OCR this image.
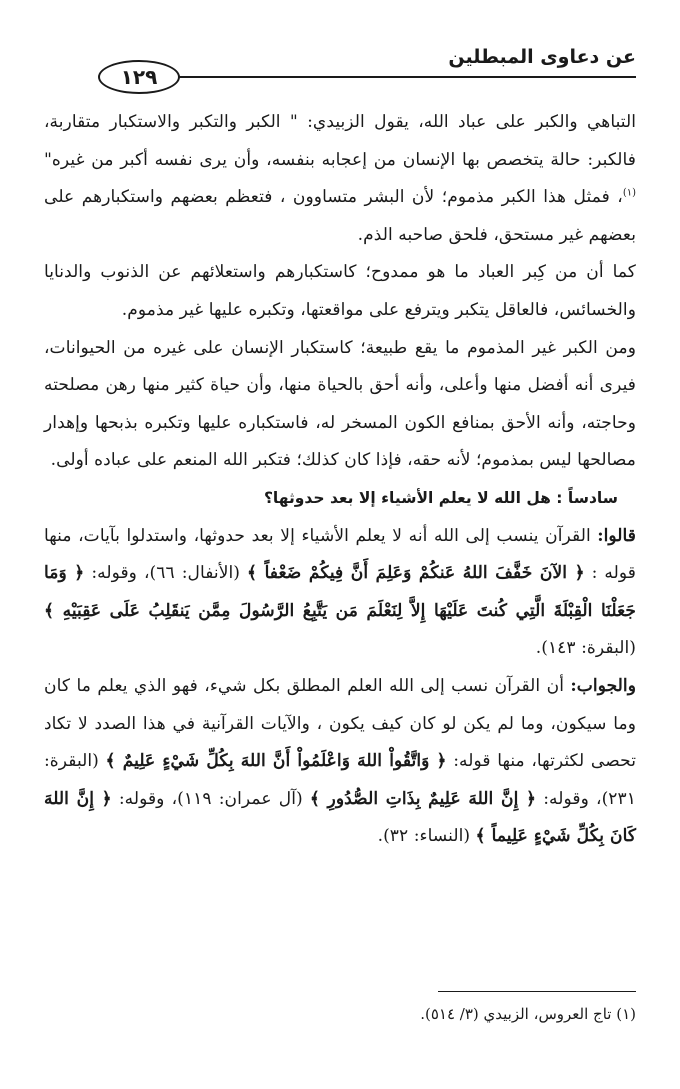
عن دعاوى المبطلين
١٢٩

التباهي والكبر على عباد الله، يقول الزبيدي: " الكبر والتكبر والاستكبار متقاربة، فالكبر: حالة يتخصص بها الإنسان من إعجابه بنفسه، وأن يرى نفسه أكبر من غيره"$^{(١)}$، فمثل هذا الكبر مذموم؛ لأن البشر متساوون ، فتعظم بعضهم واستكبارهم على بعضهم غير مستحق، فلحق صاحبه الذم.

كما أن من كِبر العباد ما هو ممدوح؛ كاستكبارهم واستعلائهم عن الذنوب والدنايا والخسائس، فالعاقل يتكبر ويترفع على مواقعتها، وتكبره عليها غير مذموم.

ومن الكبر غير المذموم ما يقع طبيعة؛ كاستكبار الإنسان على غيره من الحيوانات، فيرى أنه أفضل منها وأعلى، وأنه أحق بالحياة منها، وأن حياة كثير منها رهن مصلحته وحاجته، وأنه الأحق بمنافع الكون المسخر له، فاستكباره عليها وتكبره بذبحها وإهدار مصالحها ليس بمذموم؛ لأنه حقه، فإذا كان كذلك؛ فتكبر الله المنعم على عباده أولى.

سادساً : هل الله لا يعلم الأشياء إلا بعد حدوثها؟

قالوا: القرآن ينسب إلى الله أنه لا يعلم الأشياء إلا بعد حدوثها، واستدلوا بآيات، منها قوله : ﴿ الآنَ خَفَّفَ اللهُ عَنكُمْ وَعَلِمَ أَنَّ فِيكُمْ ضَعْفاً ﴾ (الأنفال: ٦٦)، وقوله: ﴿ وَمَا جَعَلْنَا الْقِبْلَةَ الَّتِي كُنتَ عَلَيْهَا إِلاَّ لِنَعْلَمَ مَن يَتَّبِعُ الرَّسُولَ مِمَّن يَنقَلِبُ عَلَى عَقِبَيْهِ ﴾ (البقرة: ١٤٣).

والجواب: أن القرآن نسب إلى الله العلم المطلق بكل شيء، فهو الذي يعلم ما كان وما سيكون، وما لم يكن لو كان كيف يكون ، والآيات القرآنية في هذا الصدد لا تكاد تحصى لكثرتها، منها قوله: ﴿ وَاتَّقُواْ اللهَ وَاعْلَمُواْ أَنَّ اللهَ بِكُلِّ شَيْءٍ عَلِيمٌ ﴾ (البقرة: ٢٣١)، وقوله: ﴿ إِنَّ اللهَ عَلِيمٌ بِذَاتِ الصُّدُورِ ﴾ (آل عمران: ١١٩)، وقوله: ﴿ إِنَّ اللهَ كَانَ بِكُلِّ شَيْءٍ عَلِيماً ﴾ (النساء: ٣٢).

(١) تاج العروس، الزبيدي (٣/ ٥١٤).
